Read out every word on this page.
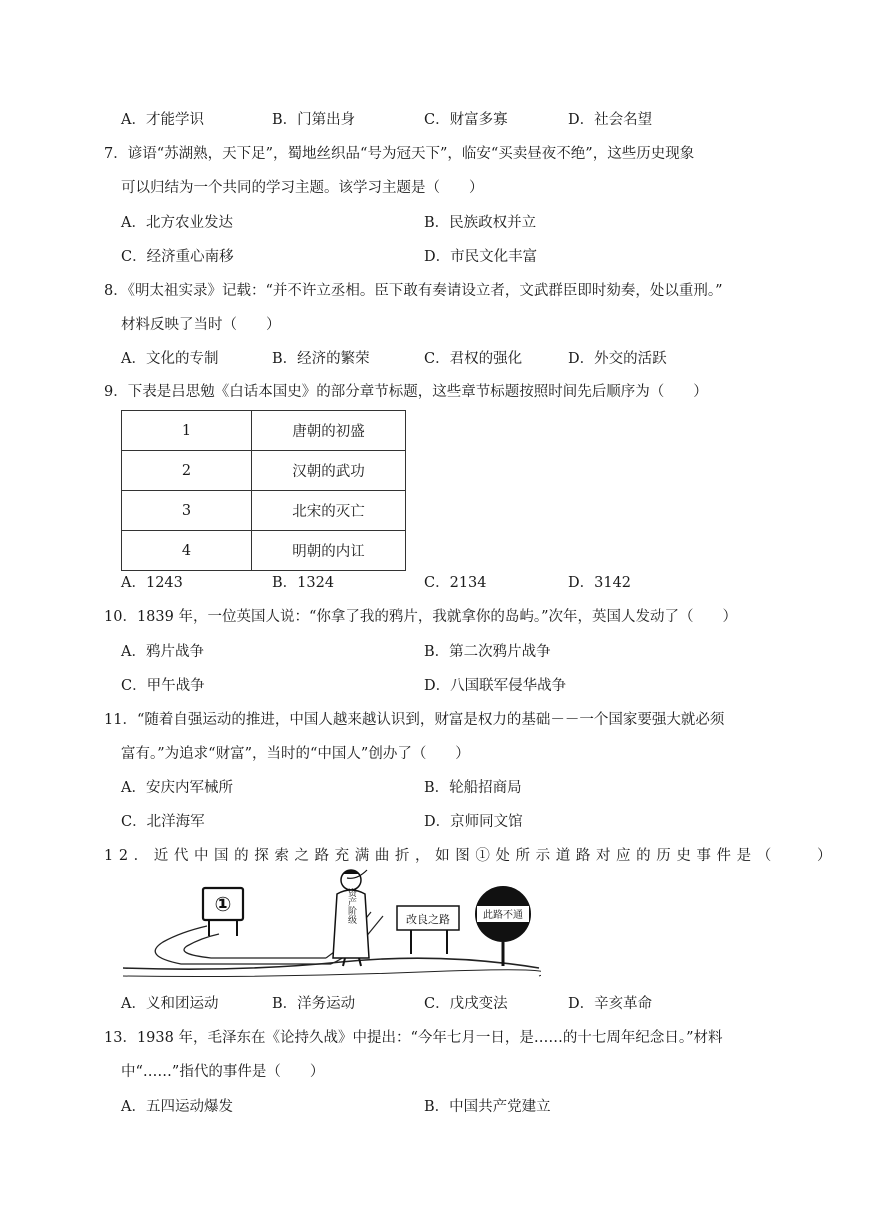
A．才能学识	B．门第出身	C．财富多寡	D．社会名望
7．谚语“苏湖熟，天下足”，蜀地丝织品“号为冠天下”，临安“买卖昼夜不绝”，这些历史现象
可以归结为一个共同的学习主题。该学习主题是（　　）
A．北方农业发达	B．民族政权并立
C．经济重心南移	D．市民文化丰富
8．《明太祖实录》记载：“并不许立丞相。臣下敢有奏请设立者，文武群臣即时劾奏，处以重刑。”
材料反映了当时（　　）
A．文化的专制	B．经济的繁荣	C．君权的强化	D．外交的活跃
9．下表是吕思勉《白话本国史》的部分章节标题，这些章节标题按照时间先后顺序为（　　）
1	唐朝的初盛
2	汉朝的武功
3	北宋的灭亡
4	明朝的内讧
A．1243	B．1324	C．2134	D．3142
10．1839 年，一位英国人说：“你拿了我的鸦片，我就拿你的岛屿。”次年，英国人发动了（　　）
A．鸦片战争	B．第二次鸦片战争
C．甲午战争	D．八国联军侵华战争
11．“随着自强运动的推进，中国人越来越认识到，财富是权力的基础－－一个国家要强大就必须
富有。”为追求“财富”，当时的“中国人”创办了（　　）
A．安庆内军械所	B．轮船招商局
C．北洋海军	D．京师同文馆
12．近代中国的探索之路充满曲折，如图①处所示道路对应的历史事件是（　　）
①	资产阶级	改良之路	此路不通
A．义和团运动	B．洋务运动	C．戊戌变法	D．辛亥革命
13．1938 年，毛泽东在《论持久战》中提出：“今年七月一日，是……的十七周年纪念日。”材料
中“……”指代的事件是（　　）
A．五四运动爆发	B．中国共产党建立
